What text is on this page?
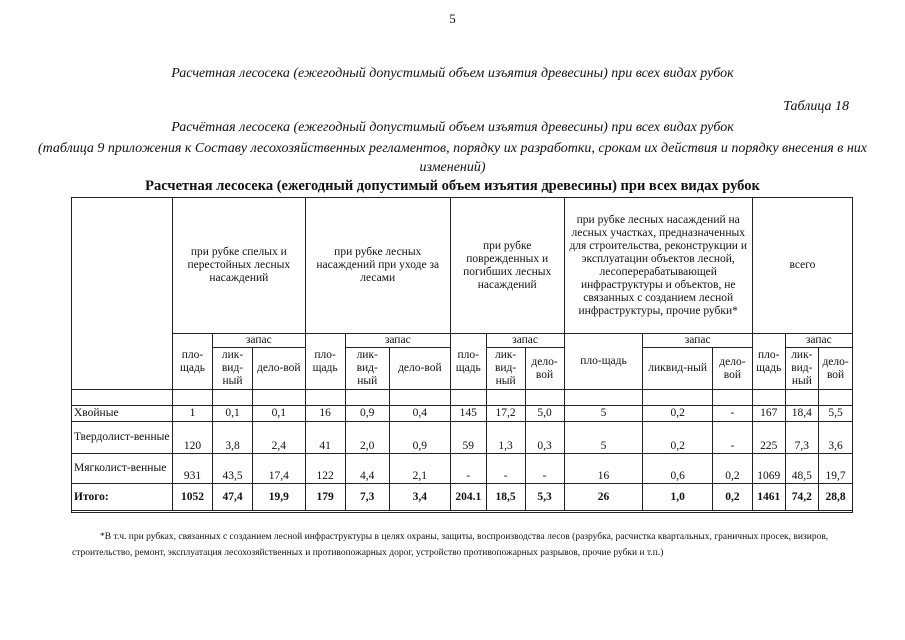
5
Расчетная лесосека (ежегодный допустимый объем изъятия древесины) при всех видах рубок
Таблица 18
Расчётная лесосека (ежегодный допустимый объем изъятия древесины) при всех видах рубок
(таблица 9 приложения к Составу лесохозяйственных регламентов, порядку их разработки, срокам их действия и порядку внесения в них изменений)
Расчетная лесосека (ежегодный допустимый объем изъятия древесины) при всех видах рубок
	при рубке спелых и перестойных лесных насаждений			при рубке лесных насаждений при уходе за лесами			при рубке поврежденных и погибших лесных насаждений			при рубке лесных насаждений на лесных участках, предназначенных для строительства, реконструкции и эксплуатации объектов лесной, лесоперерабатывающей инфраструктуры и объектов, не связанных с созданием лесной инфраструктуры, прочие рубки*			всего		
	пло-щадь	запас		пло-щадь	запас		пло-щадь	запас		пло-щадь	запас		пло-щадь	запас	
		лик-вид-ный	дело-вой		лик-вид-ный	дело-вой		лик-вид-ный	дело-вой		ликвид-ный	дело-вой		лик-вид-ный	дело-вой

Хвойные	1	0,1	0,1	16	0,9	0,4	145	17,2	5,0	5	0,2	-	167	18,4	5,5
Твердолист-венные	120	3,8	2,4	41	2,0	0,9	59	1,3	0,3	5	0,2	-	225	7,3	3,6
Мягколист-венные	931	43,5	17,4	122	4,4	2,1	-	-	-	16	0,6	0,2	1069	48,5	19,7
Итого:	1052	47,4	19,9	179	7,3	3,4	204.1	18,5	5,3	26	1,0	0,2	1461	74,2	28,8
*В т.ч. при рубках, связанных с созданием лесной инфраструктуры в целях охраны, защиты, воспроизводства лесов (разрубка, расчистка квартальных, граничных просек, визиров, строительство, ремонт, эксплуатация лесохозяйственных и противопожарных дорог, устройство противопожарных разрывов, прочие рубки и т.п.)
